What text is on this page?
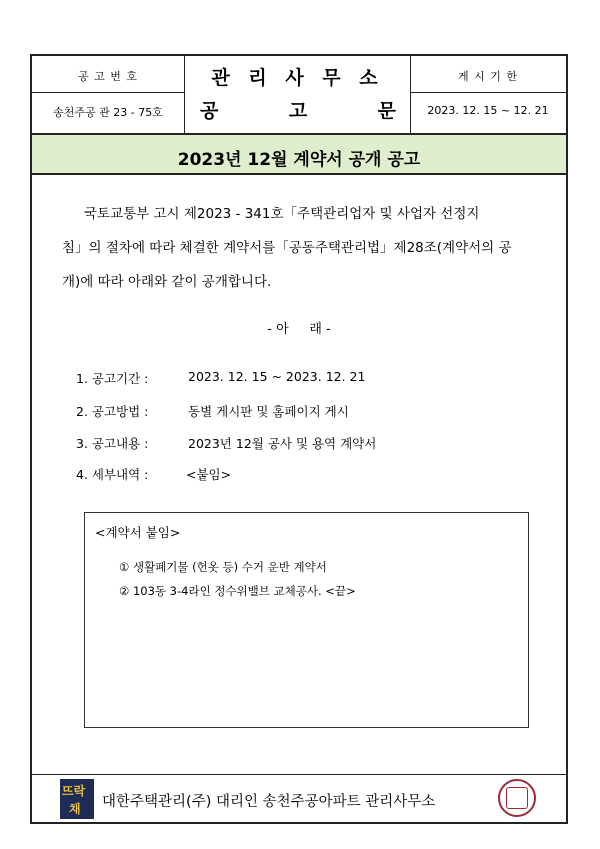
공 고 번 호
송천주공 관 23 - 75호
관 리 사 무 소
공	고	문
게 시 기 한
2023. 12. 15 ~ 12. 21
2023년 12월 계약서 공개 공고
국토교통부 고시 제2023 - 341호「주택관리업자 및 사업자 선정지
침」의 절차에 따라 체결한 계약서를「공동주택관리법」제28조(계약서의 공
개)에 따라 아래와 같이 공개합니다.
- 아     래 -
1. 공고기간 :	2023. 12. 15 ~ 2023. 12. 21
2. 공고방법 :	동별 게시판 및 홈페이지 게시
3. 공고내용 :	2023년 12월 공사 및 용역 계약서
4. 세부내역 :	<붙임>
<계약서 붙임>
① 생활폐기물 (헌옷 등) 수거 운반 계약서
② 103동 3-4라인 정수위밸브 교체공사. <끝>
뜨락
채 대한주택관리(주) 대리인 송천주공아파트 관리사무소
